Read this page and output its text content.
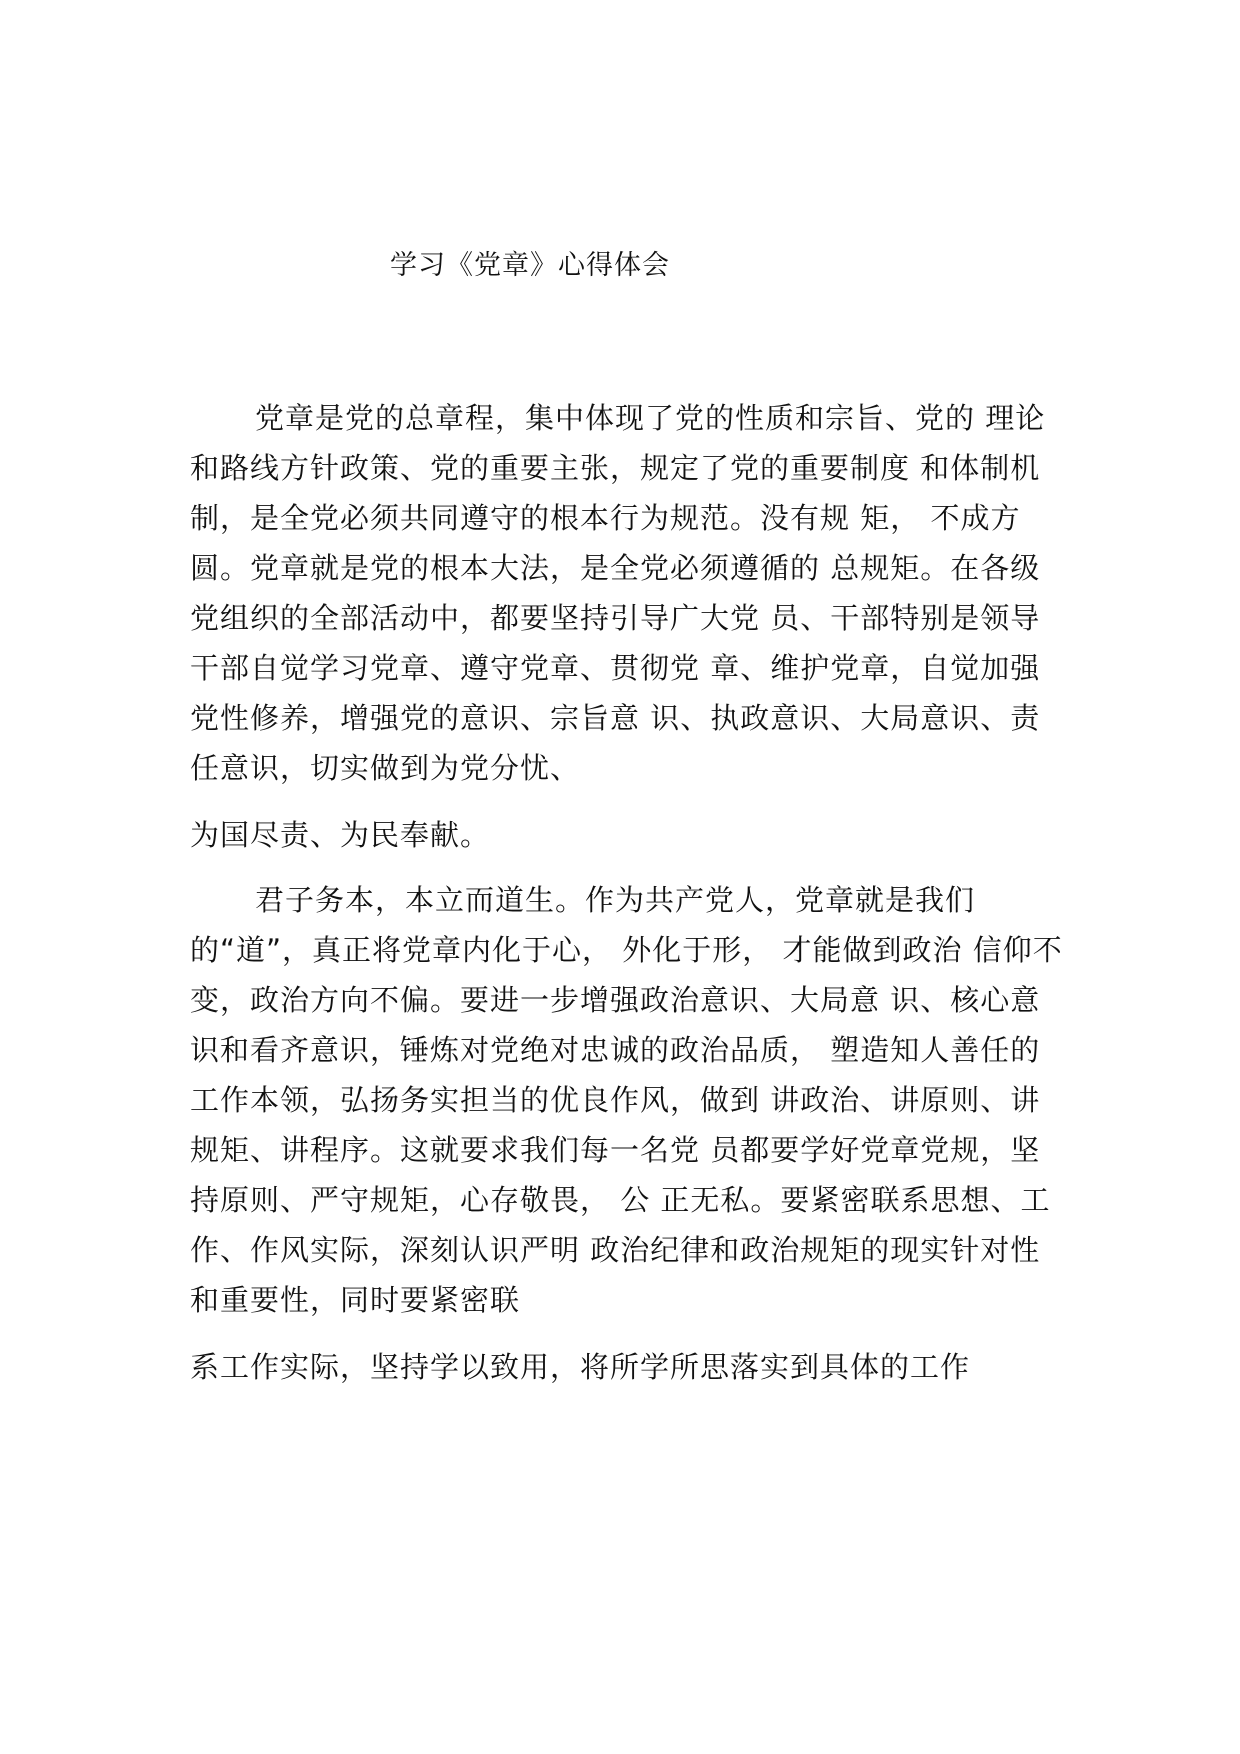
学习《党章》心得体会
党章是党的总章程，集中体现了党的性质和宗旨、党的 理论
和路线方针政策、党的重要主张，规定了党的重要制度 和体制机
制，是全党必须共同遵守的根本行为规范。没有规 矩， 不成方
圆。党章就是党的根本大法，是全党必须遵循的 总规矩。在各级
党组织的全部活动中，都要坚持引导广大党 员、干部特别是领导
干部自觉学习党章、遵守党章、贯彻党 章、维护党章，自觉加强
党性修养，增强党的意识、宗旨意 识、执政意识、大局意识、责
任意识，切实做到为党分忧、
为国尽责、为民奉献。
君子务本，本立而道生。作为共产党人，党章就是我们
的“道”，真正将党章内化于心， 外化于形， 才能做到政治 信仰不
变，政治方向不偏。要进一步增强政治意识、大局意 识、核心意
识和看齐意识，锤炼对党绝对忠诚的政治品质， 塑造知人善任的
工作本领，弘扬务实担当的优良作风，做到 讲政治、讲原则、讲
规矩、讲程序。这就要求我们每一名党 员都要学好党章党规，坚
持原则、严守规矩，心存敬畏， 公 正无私。要紧密联系思想、工
作、作风实际，深刻认识严明 政治纪律和政治规矩的现实针对性
和重要性，同时要紧密联
系工作实际，坚持学以致用，将所学所思落实到具体的工作
